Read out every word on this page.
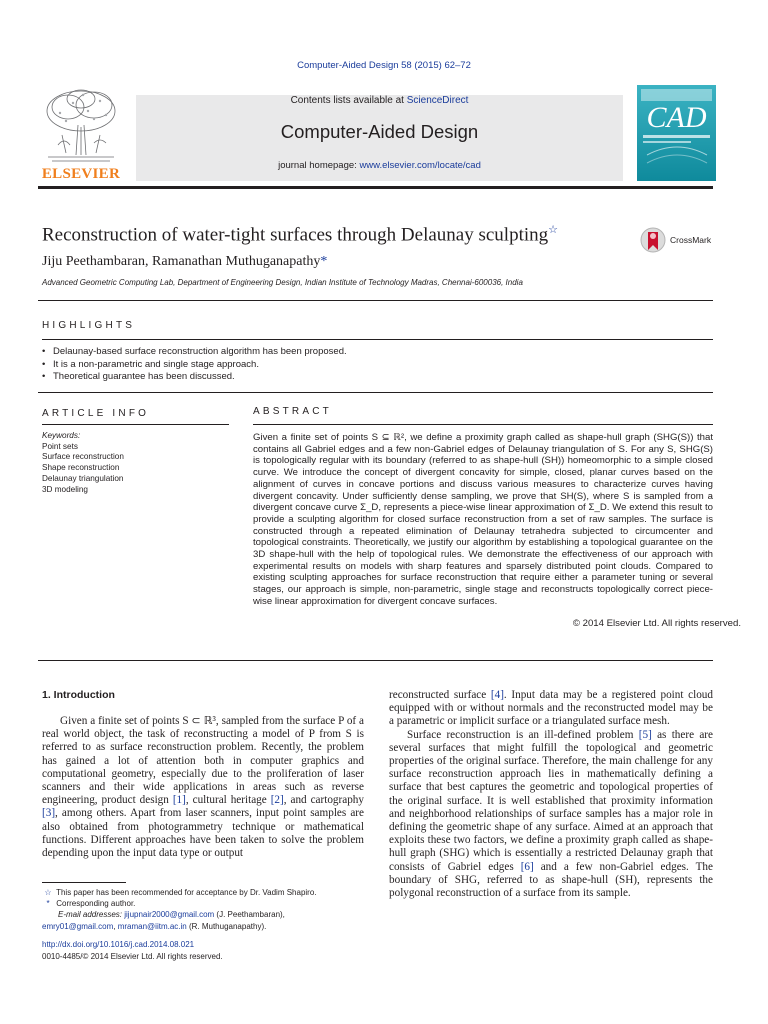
Computer-Aided Design 58 (2015) 62–72
ELSEVIER
Contents lists available at ScienceDirect
Computer-Aided Design
journal homepage: www.elsevier.com/locate/cad
CAD
Reconstruction of water-tight surfaces through Delaunay sculpting☆
CrossMark
Jiju Peethambaran, Ramanathan Muthuganapathy*
Advanced Geometric Computing Lab, Department of Engineering Design, Indian Institute of Technology Madras, Chennai-600036, India
HIGHLIGHTS
• Delaunay-based surface reconstruction algorithm has been proposed.
• It is a non-parametric and single stage approach.
• Theoretical guarantee has been discussed.
ARTICLE INFO
Keywords:
Point sets
Surface reconstruction
Shape reconstruction
Delaunay triangulation
3D modeling
ABSTRACT
Given a finite set of points S ⊆ ℝ², we define a proximity graph called as shape-hull graph (SHG(S)) that contains all Gabriel edges and a few non-Gabriel edges of Delaunay triangulation of S. For any S, SHG(S) is topologically regular with its boundary (referred to as shape-hull (SH)) homeomorphic to a simple closed curve. We introduce the concept of divergent concavity for simple, closed, planar curves based on the alignment of curves in concave portions and discuss various measures to characterize curves having divergent concavity. Under sufficiently dense sampling, we prove that SH(S), where S is sampled from a divergent concave curve Σ_D, represents a piece-wise linear approximation of Σ_D. We extend this result to provide a sculpting algorithm for closed surface reconstruction from a set of raw samples. The surface is constructed through a repeated elimination of Delaunay tetrahedra subjected to circumcenter and topological constraints. Theoretically, we justify our algorithm by establishing a topological guarantee on the 3D shape-hull with the help of topological rules. We demonstrate the effectiveness of our approach with experimental results on models with sharp features and sparsely distributed point clouds. Compared to existing sculpting approaches for surface reconstruction that require either a parameter tuning or several stages, our approach is simple, non-parametric, single stage and reconstructs topologically correct piece-wise linear approximation for divergent concave surfaces.
© 2014 Elsevier Ltd. All rights reserved.
1. Introduction

Given a finite set of points S ⊂ ℝ³, sampled from the surface P of a real world object, the task of reconstructing a model of P from S is referred to as surface reconstruction problem. Recently, the problem has gained a lot of attention both in computer graphics and computational geometry, especially due to the proliferation of laser scanners and their wide applications in areas such as reverse engineering, product design [1], cultural heritage [2], and cartography [3], among others. Apart from laser scanners, input point samples are also obtained from photogrammetry technique or mathematical functions. Different approaches have been taken to solve the problem depending upon the input data type or output

reconstructed surface [4]. Input data may be a registered point cloud equipped with or without normals and the reconstructed model may be a parametric or implicit surface or a triangulated surface mesh.

Surface reconstruction is an ill-defined problem [5] as there are several surfaces that might fulfill the topological and geometric properties of the original surface. Therefore, the main challenge for any surface reconstruction approach lies in mathematically defining a surface that best captures the geometric and topological properties of the original surface. It is well established that proximity information and neighborhood relationships of surface samples has a major role in defining the geometric shape of any surface. Aimed at an approach that exploits these two factors, we define a proximity graph called as shape-hull graph (SHG) which is essentially a restricted Delaunay graph that consists of Gabriel edges [6] and a few non-Gabriel edges. The boundary of SHG, referred to as shape-hull (SH), represents the polygonal reconstruction of a surface from its sample.

☆ This paper has been recommended for acceptance by Dr. Vadim Shapiro.
* Corresponding author.
E-mail addresses: jijupnair2000@gmail.com (J. Peethambaran),
emry01@gmail.com, mraman@iitm.ac.in (R. Muthuganapathy).
http://dx.doi.org/10.1016/j.cad.2014.08.021
0010-4485/© 2014 Elsevier Ltd. All rights reserved.
